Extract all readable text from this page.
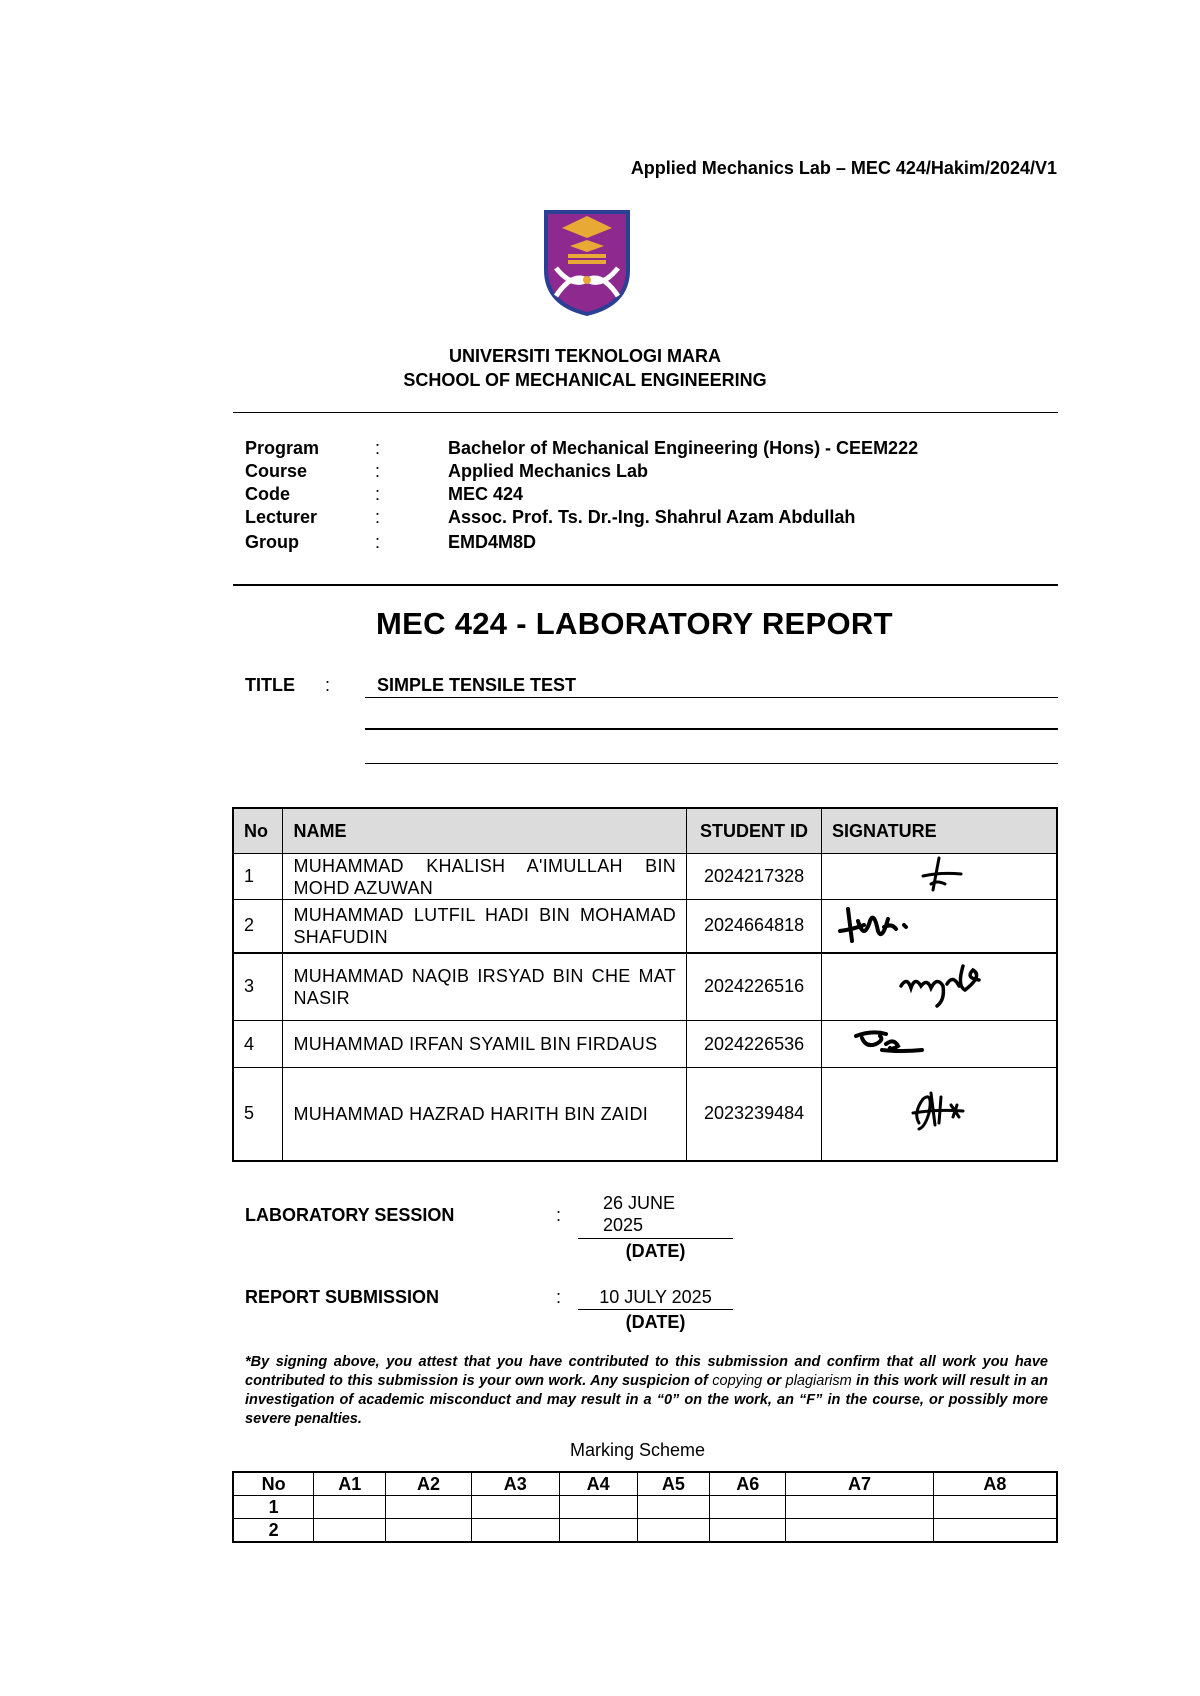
Applied Mechanics Lab – MEC 424/Hakim/2024/V1
UNIVERSITI TEKNOLOGI MARA
SCHOOL OF MECHANICAL ENGINEERING
Program	:	Bachelor of Mechanical Engineering (Hons) - CEEM222
Course	:	Applied Mechanics Lab
Code	:	MEC 424
Lecturer	:	Assoc. Prof. Ts. Dr.-Ing. Shahrul Azam Abdullah
Group	:	EMD4M8D
MEC 424 - LABORATORY REPORT
TITLE :	SIMPLE TENSILE TEST
No	NAME	STUDENT ID	SIGNATURE
1	MUHAMMAD KHALISH A'IMULLAH BIN MOHD AZUWAN	2024217328	
2	MUHAMMAD LUTFIL HADI BIN MOHAMAD SHAFUDIN	2024664818	
3	MUHAMMAD NAQIB IRSYAD BIN CHE MAT NASIR	2024226516	
4	MUHAMMAD IRFAN SYAMIL BIN FIRDAUS	2024226536	
5	MUHAMMAD HAZRAD HARITH BIN ZAIDI	2023239484	
LABORATORY SESSION	:
26 JUNE
2025
(DATE)
REPORT SUBMISSION	:	10 JULY 2025
(DATE)
*By signing above, you attest that you have contributed to this submission and confirm that all work you have contributed to this submission is your own work. Any suspicion of copying or plagiarism in this work will result in an investigation of academic misconduct and may result in a “0” on the work, an “F” in the course, or possibly more severe penalties.
Marking Scheme
No	A1	A2	A3	A4	A5	A6	A7	A8
1								
2								
